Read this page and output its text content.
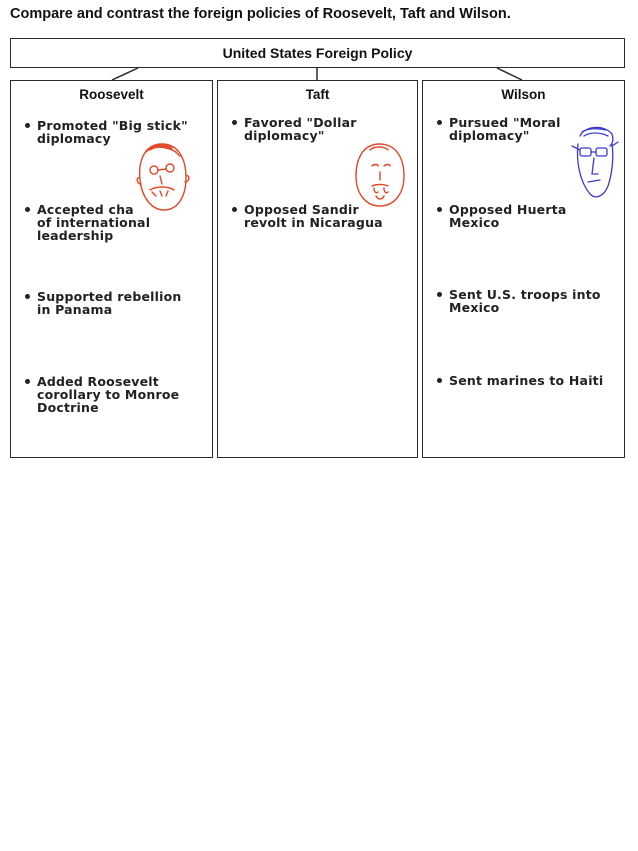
Compare and contrast the foreign policies of Roosevelt, Taft and Wilson.
United States Foreign Policy
Roosevelt
Promoted "Big stick"
diplomacy
Accepted cha
of international
leadership
Supported rebellion
in Panama
Added Roosevelt
corollary to Monroe
Doctrine
Taft
Favored "Dollar
diplomacy"
Opposed Sandir
revolt in Nicaragua
Wilson
Pursued "Moral
diplomacy"
Opposed Huerta
Mexico
Sent U.S. troops into
Mexico
Sent marines to Haiti
